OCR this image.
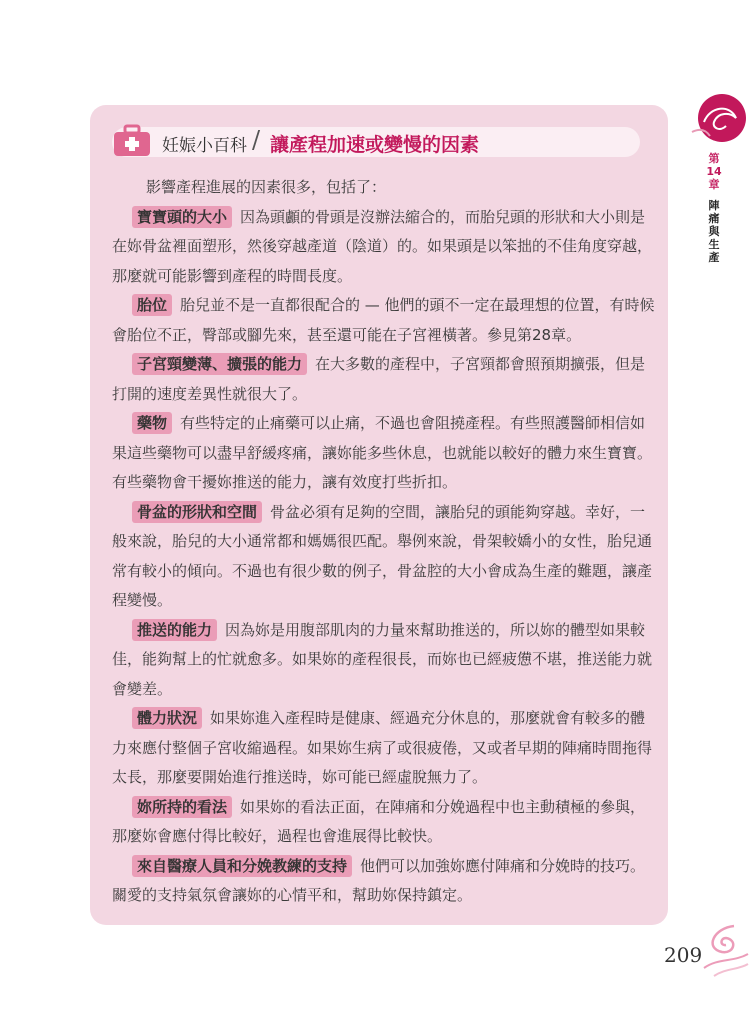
第
14
章
陣
痛
與
生
產
妊娠小百科 / 讓產程加速或變慢的因素

影響產程進展的因素很多，包括了：

寶寶頭的大小 因為頭顱的骨頭是沒辦法縮合的，而胎兒頭的形狀和大小則是在妳骨盆裡面塑形，然後穿越產道（陰道）的。如果頭是以笨拙的不佳角度穿越，那麼就可能影響到產程的時間長度。

胎位 胎兒並不是一直都很配合的 — 他們的頭不一定在最理想的位置，有時候會胎位不正，臀部或腳先來，甚至還可能在子宮裡橫著。參見第28章。

子宮頸變薄、擴張的能力 在大多數的產程中，子宮頸都會照預期擴張，但是打開的速度差異性就很大了。

藥物 有些特定的止痛藥可以止痛，不過也會阻撓產程。有些照護醫師相信如果這些藥物可以盡早舒緩疼痛，讓妳能多些休息，也就能以較好的體力來生寶寶。有些藥物會干擾妳推送的能力，讓有效度打些折扣。

骨盆的形狀和空間 骨盆必須有足夠的空間，讓胎兒的頭能夠穿越。幸好，一般來說，胎兒的大小通常都和媽媽很匹配。舉例來說，骨架較嬌小的女性，胎兒通常有較小的傾向。不過也有很少數的例子，骨盆腔的大小會成為生產的難題，讓產程變慢。

推送的能力 因為妳是用腹部肌肉的力量來幫助推送的，所以妳的體型如果較佳，能夠幫上的忙就愈多。如果妳的產程很長，而妳也已經疲憊不堪，推送能力就會變差。

體力狀況 如果妳進入產程時是健康、經過充分休息的，那麼就會有較多的體力來應付整個子宮收縮過程。如果妳生病了或很疲倦，又或者早期的陣痛時間拖得太長，那麼要開始進行推送時，妳可能已經虛脫無力了。

妳所持的看法 如果妳的看法正面，在陣痛和分娩過程中也主動積極的參與，那麼妳會應付得比較好，過程也會進展得比較快。

來自醫療人員和分娩教練的支持 他們可以加強妳應付陣痛和分娩時的技巧。關愛的支持氣氛會讓妳的心情平和，幫助妳保持鎮定。

209
